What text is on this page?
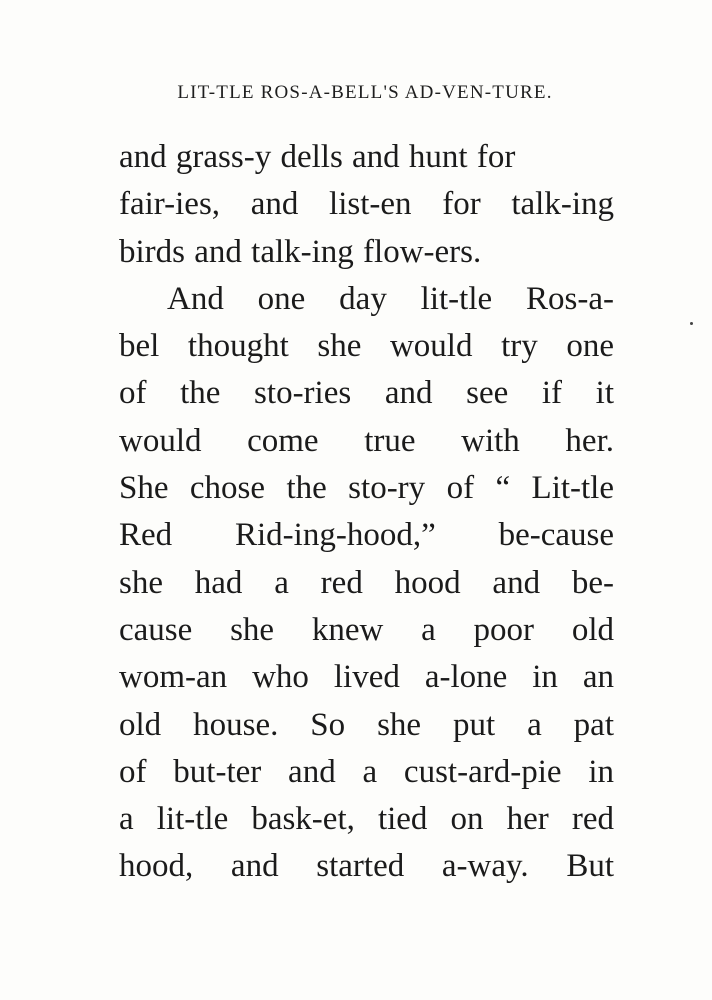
LIT-TLE ROS-A-BELL'S AD-VEN-TURE.
and grass-y dells and hunt for
fair-ies, and list-en for talk-ing
birds and talk-ing flow-ers.
And one day lit-tle Ros-a-
bel thought she would try one
of the sto-ries and see if it
would come true with her.
She chose the sto-ry of “ Lit-tle
Red Rid-ing-hood,” be-cause
she had a red hood and be-
cause she knew a poor old
wom-an who lived a-lone in an
old house. So she put a pat
of but-ter and a cust-ard-pie in
a lit-tle bask-et, tied on her red
hood, and started a-way. But
